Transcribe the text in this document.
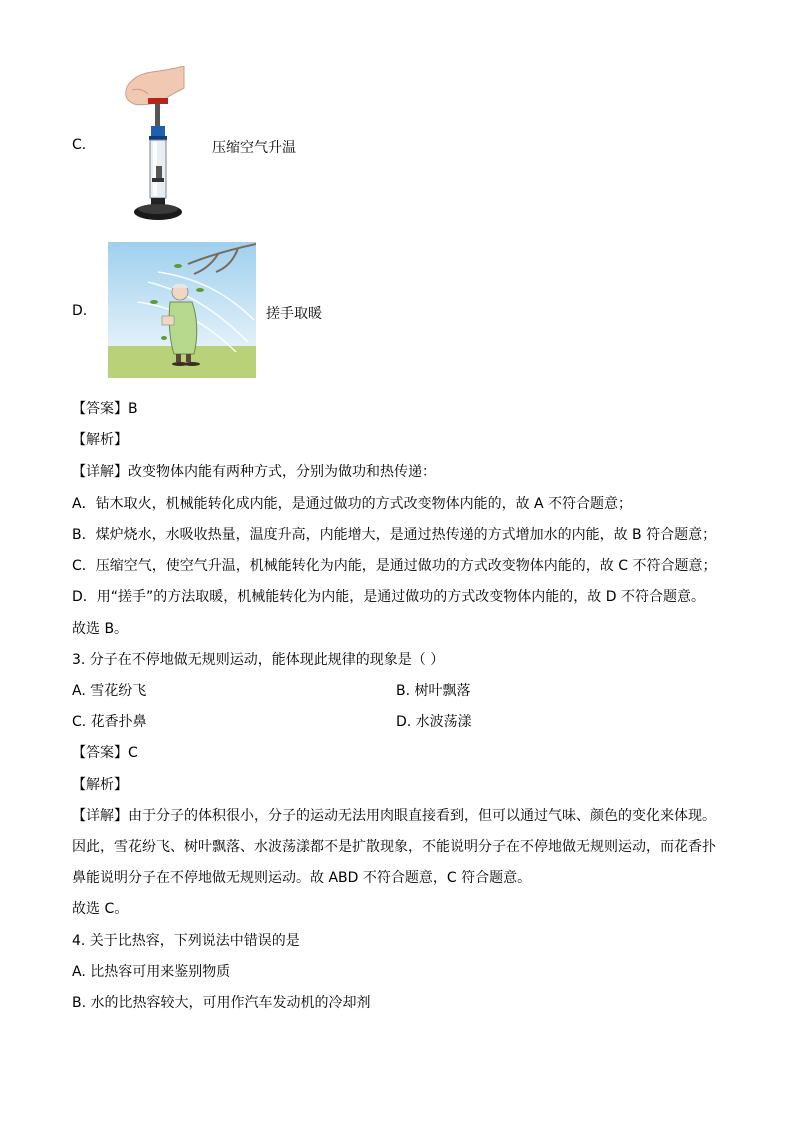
C.	压缩空气升温
D.	搓手取暖
【答案】B
【解析】
【详解】改变物体内能有两种方式，分别为做功和热传递：
A．钻木取火，机械能转化成内能，是通过做功的方式改变物体内能的，故 A 不符合题意；
B．煤炉烧水，水吸收热量，温度升高，内能增大，是通过热传递的方式增加水的内能，故 B 符合题意；
C．压缩空气，使空气升温，机械能转化为内能，是通过做功的方式改变物体内能的，故 C 不符合题意；
D．用“搓手”的方法取暖，机械能转化为内能，是通过做功的方式改变物体内能的，故 D 不符合题意。
故选 B。
3. 分子在不停地做无规则运动，能体现此规律的现象是（ ）
A. 雪花纷飞	B. 树叶飘落
C. 花香扑鼻	D. 水波荡漾
【答案】C
【解析】
【详解】由于分子的体积很小，分子的运动无法用肉眼直接看到，但可以通过气味、颜色的变化来体现。
因此，雪花纷飞、树叶飘落、水波荡漾都不是扩散现象，不能说明分子在不停地做无规则运动，而花香扑
鼻能说明分子在不停地做无规则运动。故 ABD 不符合题意，C 符合题意。
故选 C。
4. 关于比热容，下列说法中错误的是
A. 比热容可用来鉴别物质
B. 水的比热容较大，可用作汽车发动机的冷却剂
